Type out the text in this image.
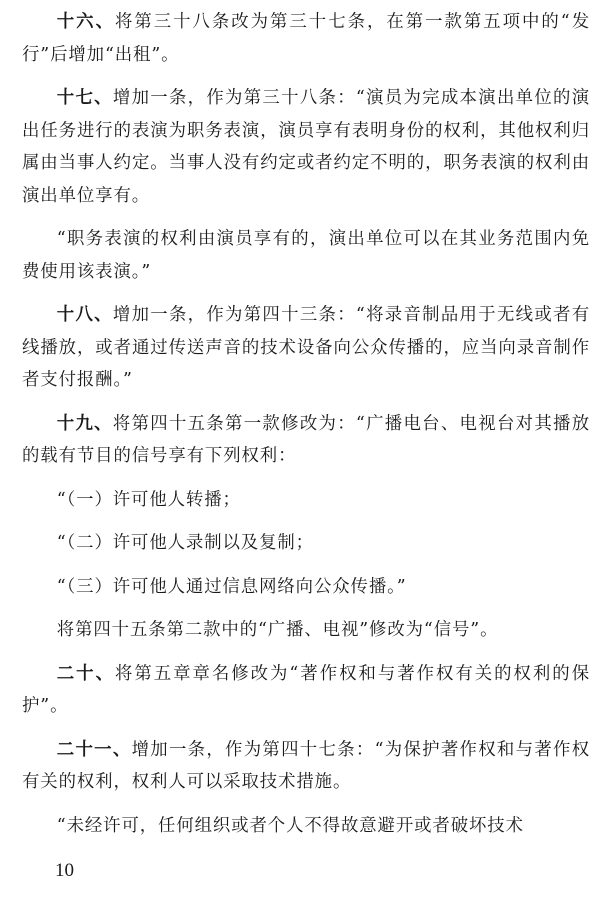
十六、将第三十八条改为第三十七条，在第一款第五项中的“发行”后增加“出租”。

十七、增加一条，作为第三十八条：“演员为完成本演出单位的演出任务进行的表演为职务表演，演员享有表明身份的权利，其他权利归属由当事人约定。当事人没有约定或者约定不明的，职务表演的权利由演出单位享有。

“职务表演的权利由演员享有的，演出单位可以在其业务范围内免费使用该表演。”

十八、增加一条，作为第四十三条：“将录音制品用于无线或者有线播放，或者通过传送声音的技术设备向公众传播的，应当向录音制作者支付报酬。”

十九、将第四十五条第一款修改为：“广播电台、电视台对其播放的载有节目的信号享有下列权利：

“（一）许可他人转播；

“（二）许可他人录制以及复制；

“（三）许可他人通过信息网络向公众传播。”

将第四十五条第二款中的“广播、电视”修改为“信号”。

二十、将第五章章名修改为“著作权和与著作权有关的权利的保护”。

二十一、增加一条，作为第四十七条：“为保护著作权和与著作权有关的权利，权利人可以采取技术措施。

“未经许可，任何组织或者个人不得故意避开或者破坏技术

10
